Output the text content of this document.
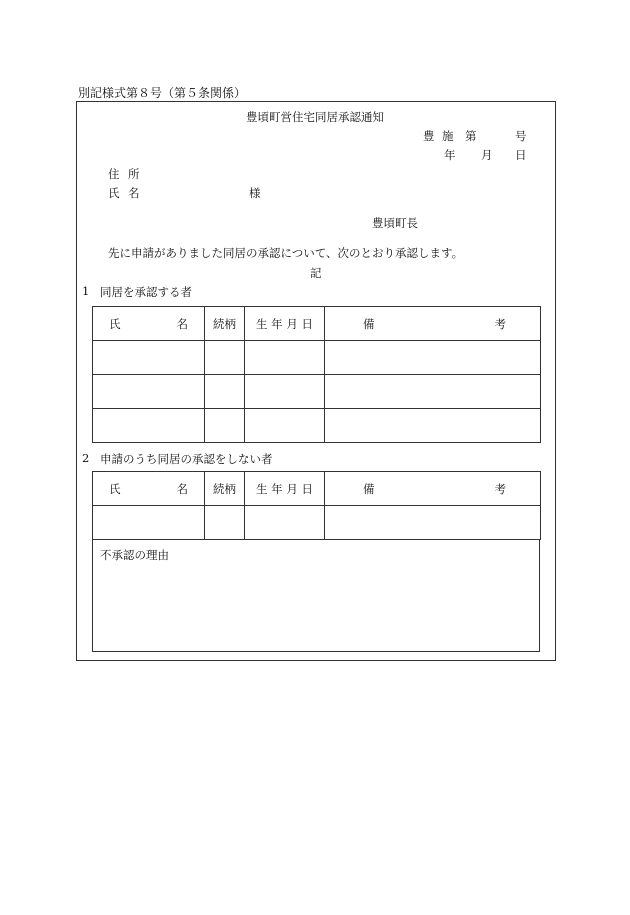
別記様式第８号（第５条関係）
豊頃町営住宅同居承認通知
豊 施 第	号
年 月 日
住 所
氏 名	様
豊頃町長
先に申請がありました同居の承認について、次のとおり承認します。
記
1 同居を承認する者
氏 名	続柄	生 年 月 日	備 考

2 申請のうち同居の承認をしない者
氏 名	続柄	生 年 月 日	備 考

不承認の理由
